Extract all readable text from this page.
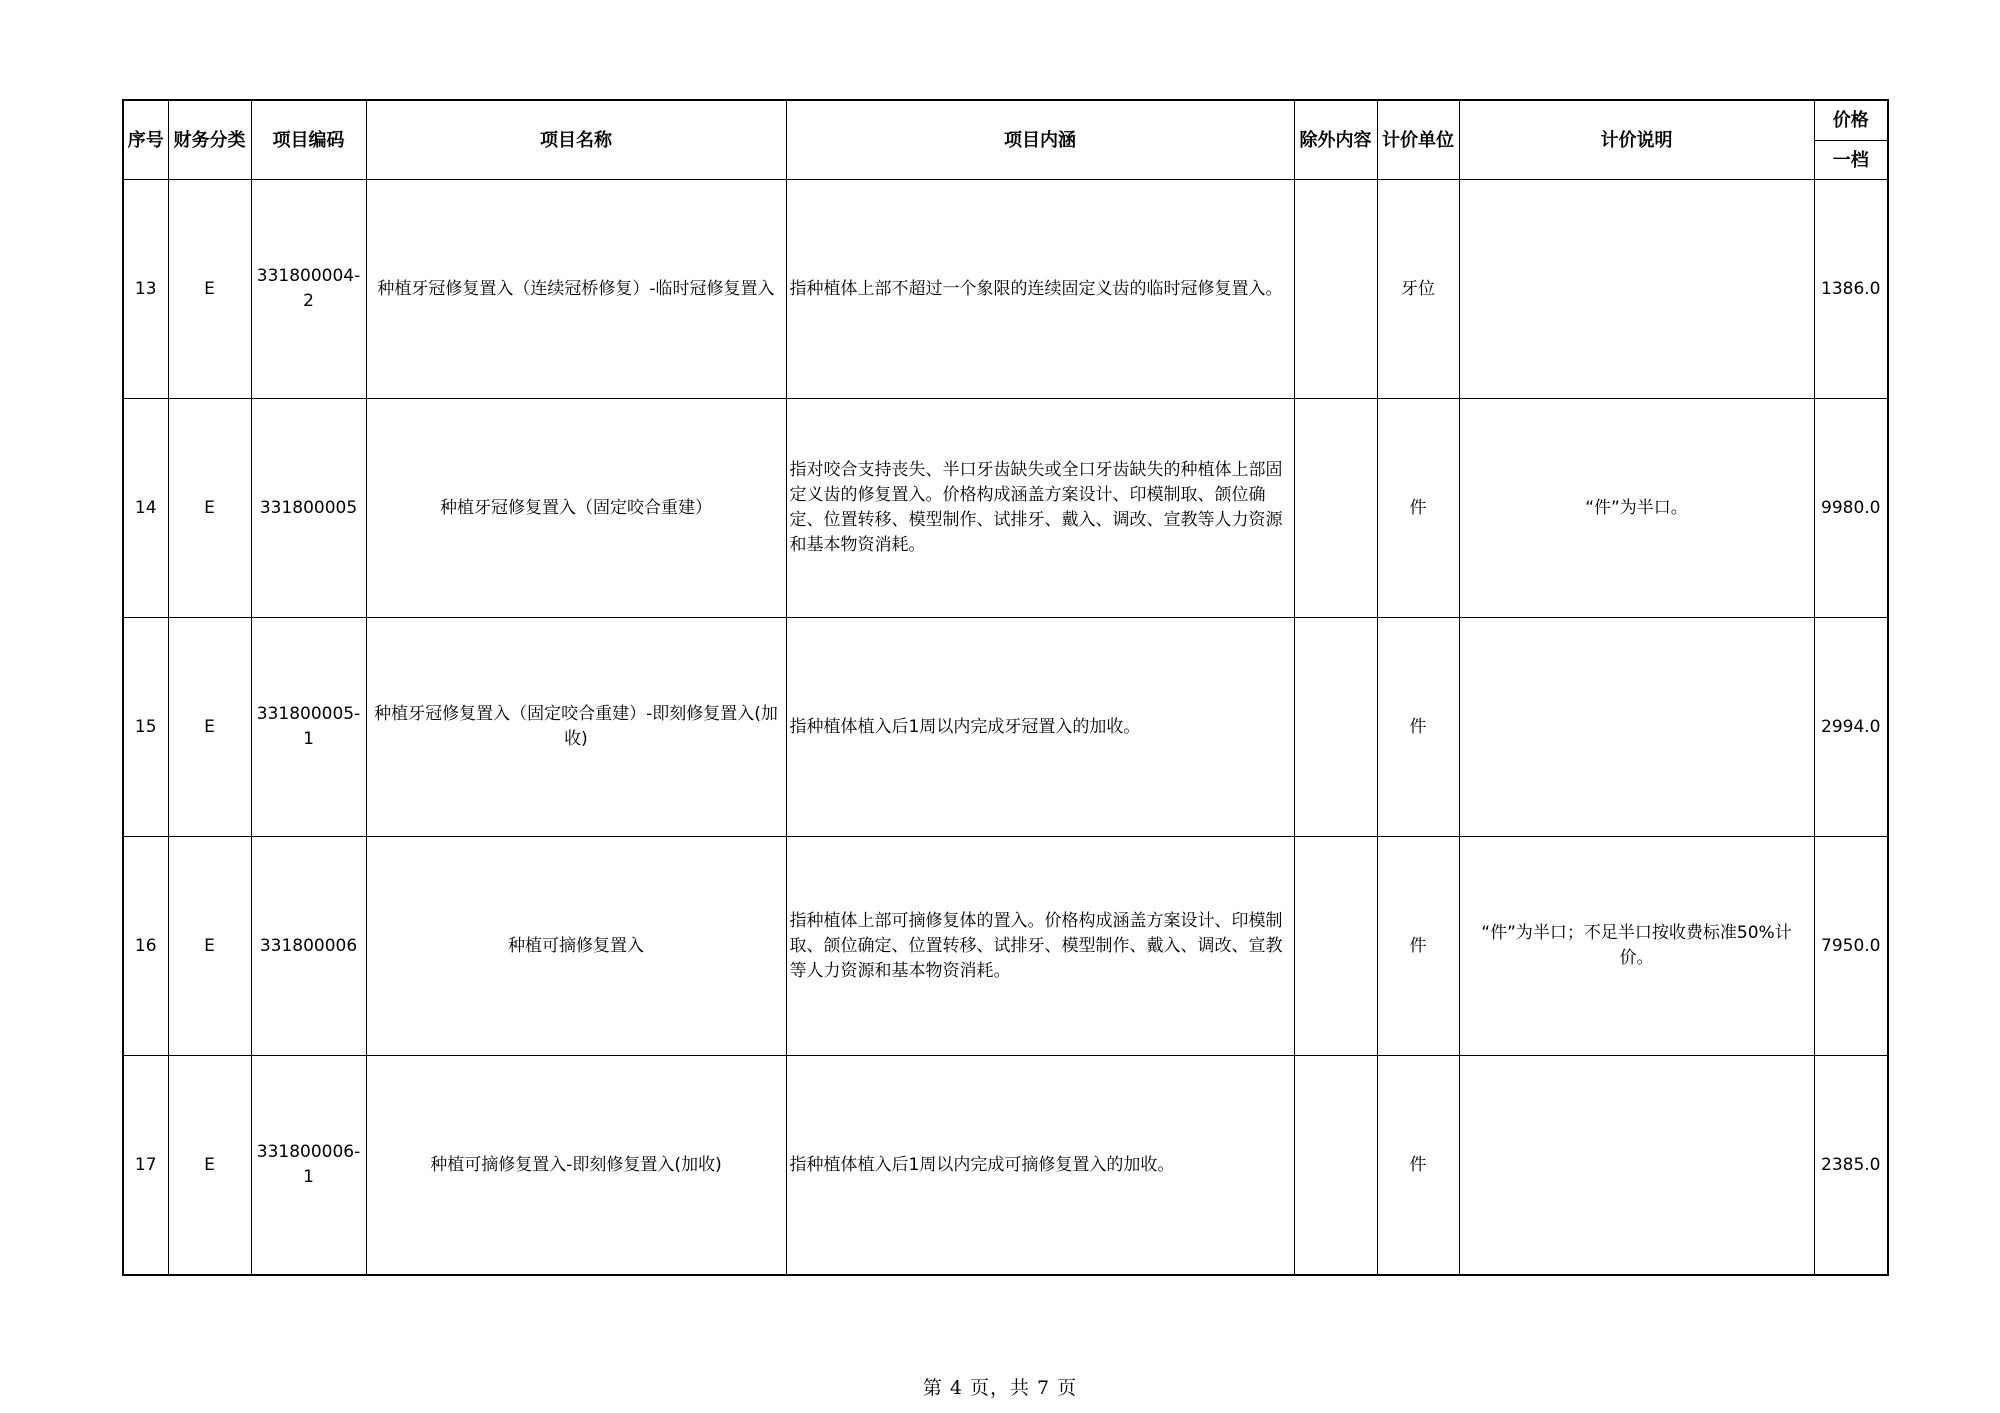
序号	财务分类	项目编码	项目名称	项目内涵	除外内容	计价单位	计价说明	价格
								一档
13	E	331800004-2	种植牙冠修复置入（连续冠桥修复）-临时冠修复置入	指种植体上部不超过一个象限的连续固定义齿的临时冠修复置入。		牙位		1386.0
14	E	331800005	种植牙冠修复置入（固定咬合重建）	指对咬合支持丧失、半口牙齿缺失或全口牙齿缺失的种植体上部固定义齿的修复置入。价格构成涵盖方案设计、印模制取、颌位确定、位置转移、模型制作、试排牙、戴入、调改、宣教等人力资源和基本物资消耗。		件	“件”为半口。	9980.0
15	E	331800005-1	种植牙冠修复置入（固定咬合重建）-即刻修复置入(加收)	指种植体植入后1周以内完成牙冠置入的加收。		件		2994.0
16	E	331800006	种植可摘修复置入	指种植体上部可摘修复体的置入。价格构成涵盖方案设计、印模制取、颌位确定、位置转移、试排牙、模型制作、戴入、调改、宣教等人力资源和基本物资消耗。		件	“件”为半口；不足半口按收费标准50%计价。	7950.0
17	E	331800006-1	种植可摘修复置入-即刻修复置入(加收)	指种植体植入后1周以内完成可摘修复置入的加收。		件		2385.0
第 4 页，共 7 页
